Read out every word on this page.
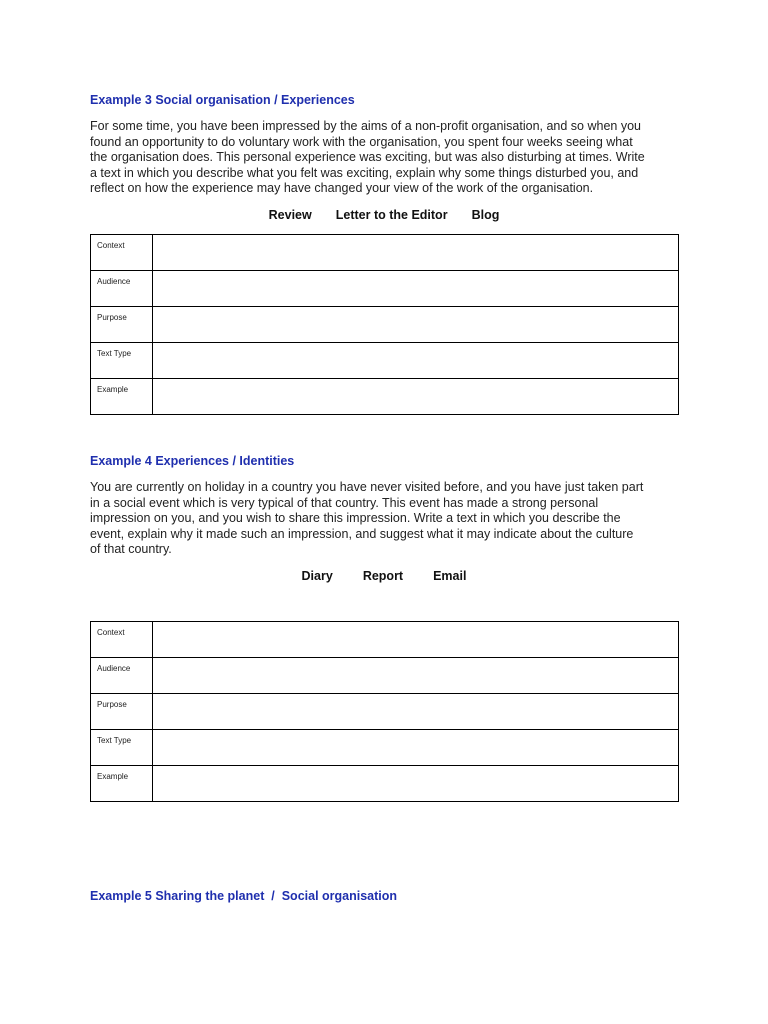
Example 3 Social organisation / Experiences

For some time, you have been impressed by the aims of a non-profit organisation, and so when you
found an opportunity to do voluntary work with the organisation, you spent four weeks seeing what
the organisation does. This personal experience was exciting, but was also disturbing at times. Write
a text in which you describe what you felt was exciting, explain why some things disturbed you, and
reflect on how the experience may have changed your view of the work of the organisation.

Review Letter to the Editor Blog
Context	
Audience	
Purpose	
Text Type	
Example	
Example 4 Experiences / Identities

You are currently on holiday in a country you have never visited before, and you have just taken part
in a social event which is very typical of that country. This event has made a strong personal
impression on you, and you wish to share this impression. Write a text in which you describe the
event, explain why it made such an impression, and suggest what it may indicate about the culture
of that country.

Diary Report Email
Context	
Audience	
Purpose	
Text Type	
Example	
Example 5 Sharing the planet  /  Social organisation
